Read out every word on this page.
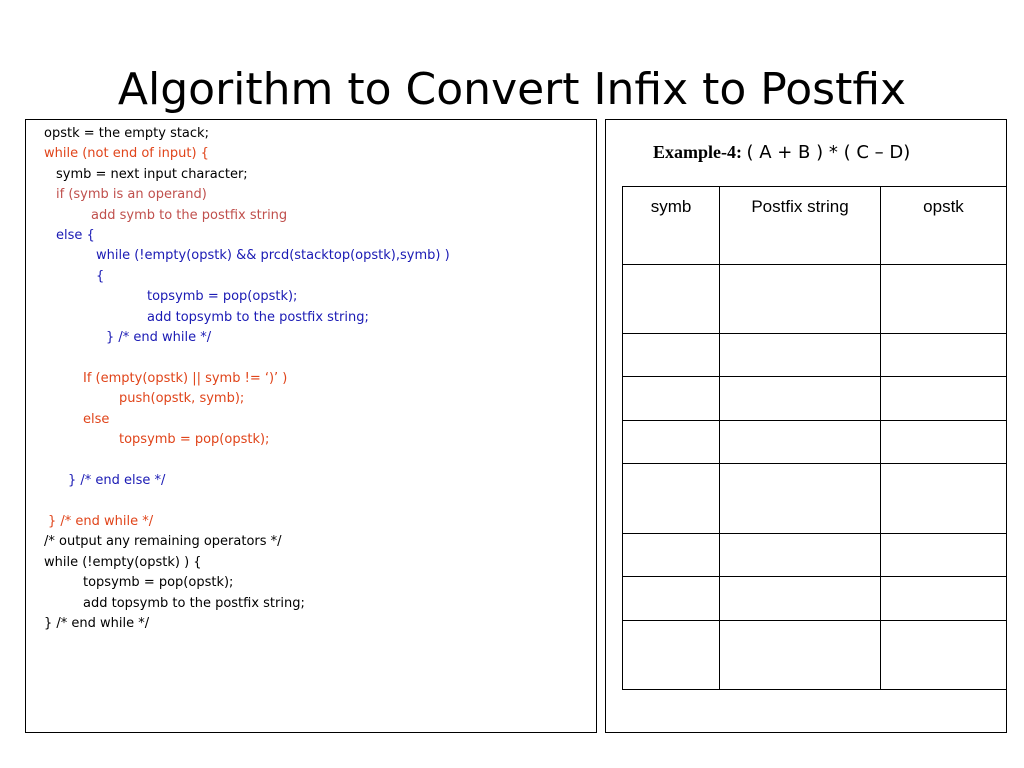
Algorithm to Convert Infix to Postfix
opstk = the empty stack;
while (not end of input) {
symb = next input character;
if (symb is an operand)
add symb to the postfix string
else {
while (!empty(opstk) && prcd(stacktop(opstk),symb) )
{
topsymb = pop(opstk);
add topsymb to the postfix string;
} /* end while */
If (empty(opstk) || symb != ‘)’ )
push(opstk, symb);
else
topsymb = pop(opstk);
} /* end else */
} /* end while */
/* output any remaining operators */
while (!empty(opstk) ) {
topsymb = pop(opstk);
add topsymb to the postfix string;
} /* end while */
Example-4: ( A + B ) * ( C – D)
symb	Postfix string	opstk
